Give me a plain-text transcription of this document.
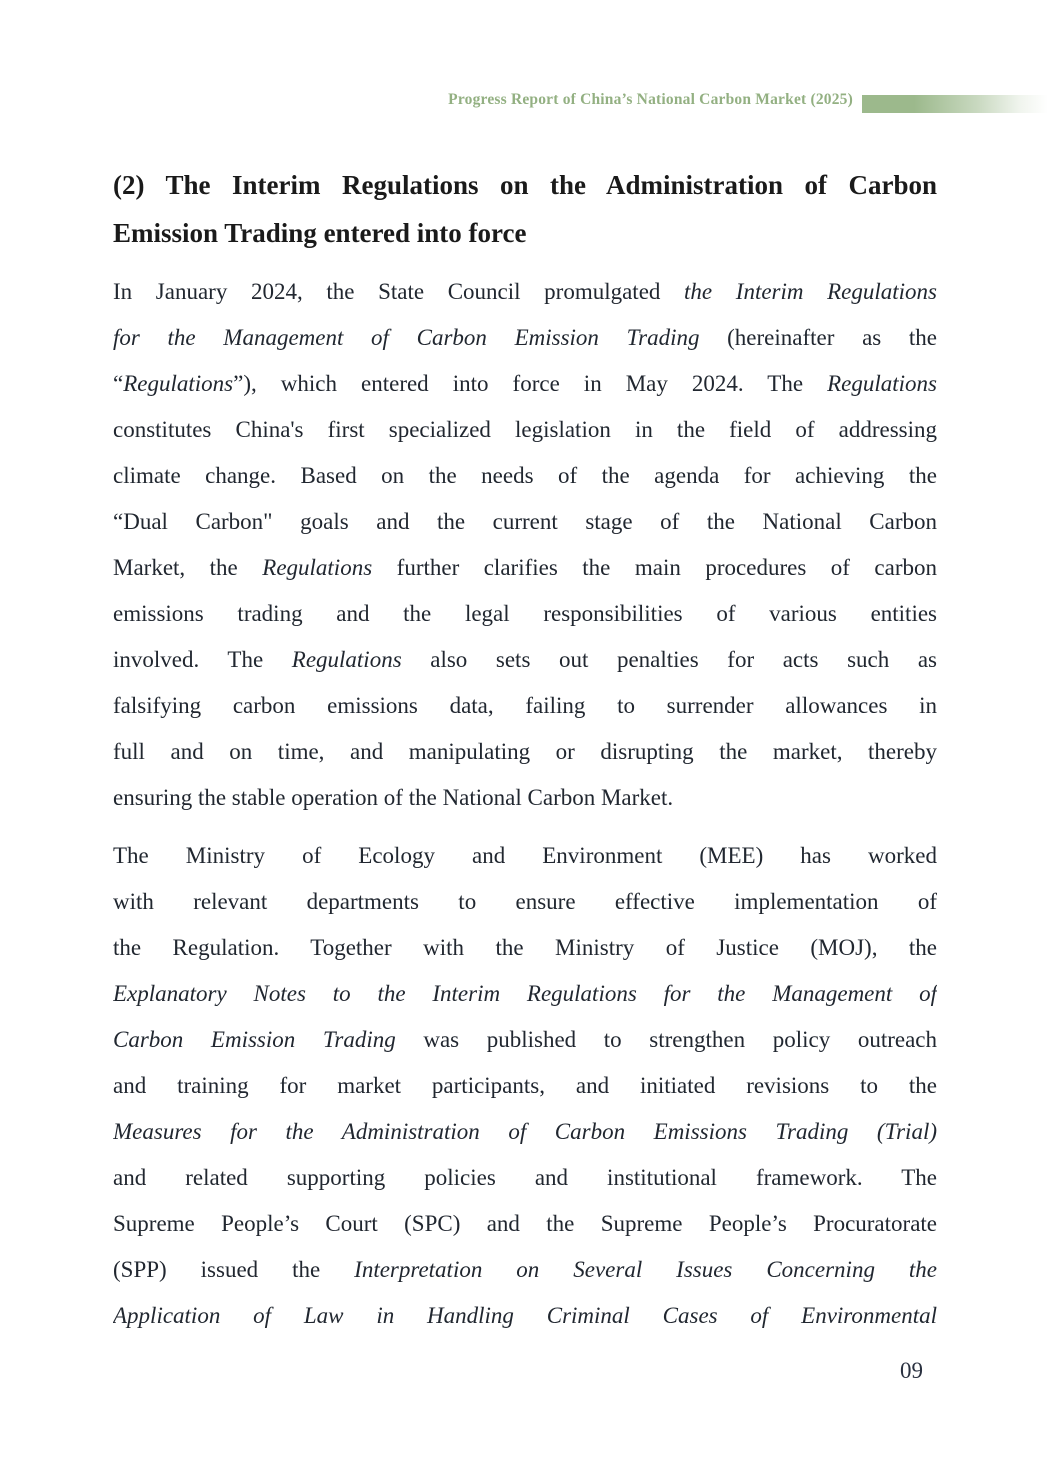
Progress Report of China’s National Carbon Market (2025)
(2) The Interim Regulations on the Administration of Carbon
Emission Trading entered into force
In January 2024, the State Council promulgated the Interim Regulations
for the Management of Carbon Emission Trading (hereinafter as the
“Regulations”), which entered into force in May 2024. The Regulations
constitutes China's first specialized legislation in the field of addressing
climate change. Based on the needs of the agenda for achieving the
“Dual Carbon" goals and the current stage of the National Carbon
Market, the Regulations further clarifies the main procedures of carbon
emissions trading and the legal responsibilities of various entities
involved. The Regulations also sets out penalties for acts such as
falsifying carbon emissions data, failing to surrender allowances in
full and on time, and manipulating or disrupting the market, thereby
ensuring the stable operation of the National Carbon Market.
The Ministry of Ecology and Environment (MEE) has worked
with relevant departments to ensure effective implementation of
the Regulation. Together with the Ministry of Justice (MOJ), the
Explanatory Notes to the Interim Regulations for the Management of
Carbon Emission Trading was published to strengthen policy outreach
and training for market participants, and initiated revisions to the
Measures for the Administration of Carbon Emissions Trading (Trial)
and related supporting policies and institutional framework. The
Supreme People’s Court (SPC) and the Supreme People’s Procuratorate
(SPP) issued the Interpretation on Several Issues Concerning the
Application of Law in Handling Criminal Cases of Environmental
09
